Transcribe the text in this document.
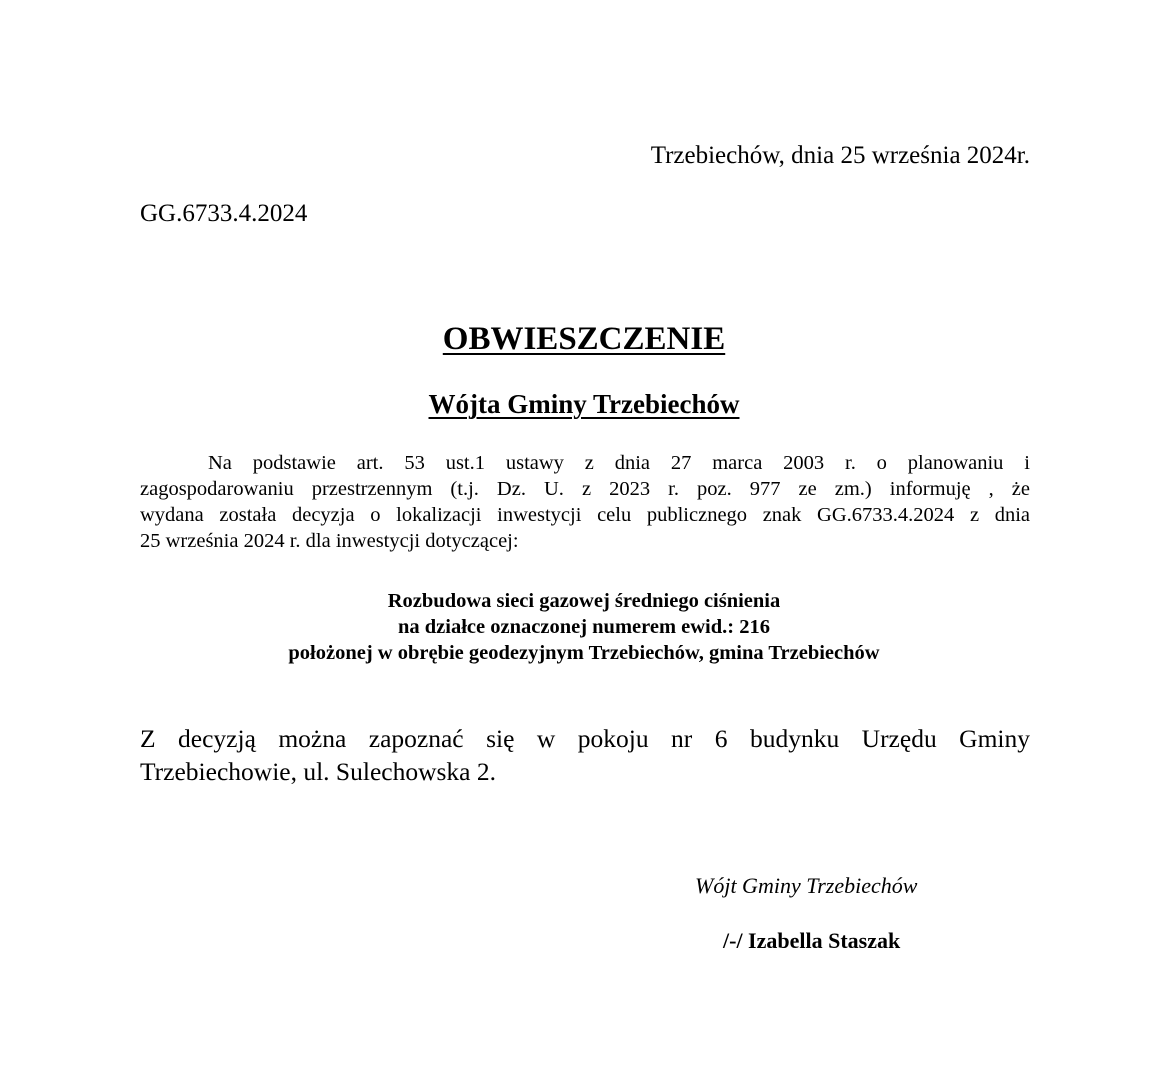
Trzebiechów, dnia 25 września 2024r.
GG.6733.4.2024
OBWIESZCZENIE
Wójta Gminy Trzebiechów
Na podstawie art. 53 ust.1 ustawy z dnia 27 marca 2003 r. o planowaniu i
zagospodarowaniu przestrzennym (t.j. Dz. U. z 2023 r. poz. 977 ze zm.) informuję , że
wydana została decyzja o lokalizacji inwestycji celu publicznego znak GG.6733.4.2024 z dnia
25 września 2024 r. dla inwestycji dotyczącej:
Rozbudowa sieci gazowej średniego ciśnienia
na działce oznaczonej numerem ewid.: 216
położonej w obrębie geodezyjnym Trzebiechów, gmina Trzebiechów
Z decyzją można zapoznać się w pokoju nr 6 budynku Urzędu Gminy
Trzebiechowie, ul. Sulechowska 2.
Wójt Gminy Trzebiechów
/-/ Izabella Staszak
